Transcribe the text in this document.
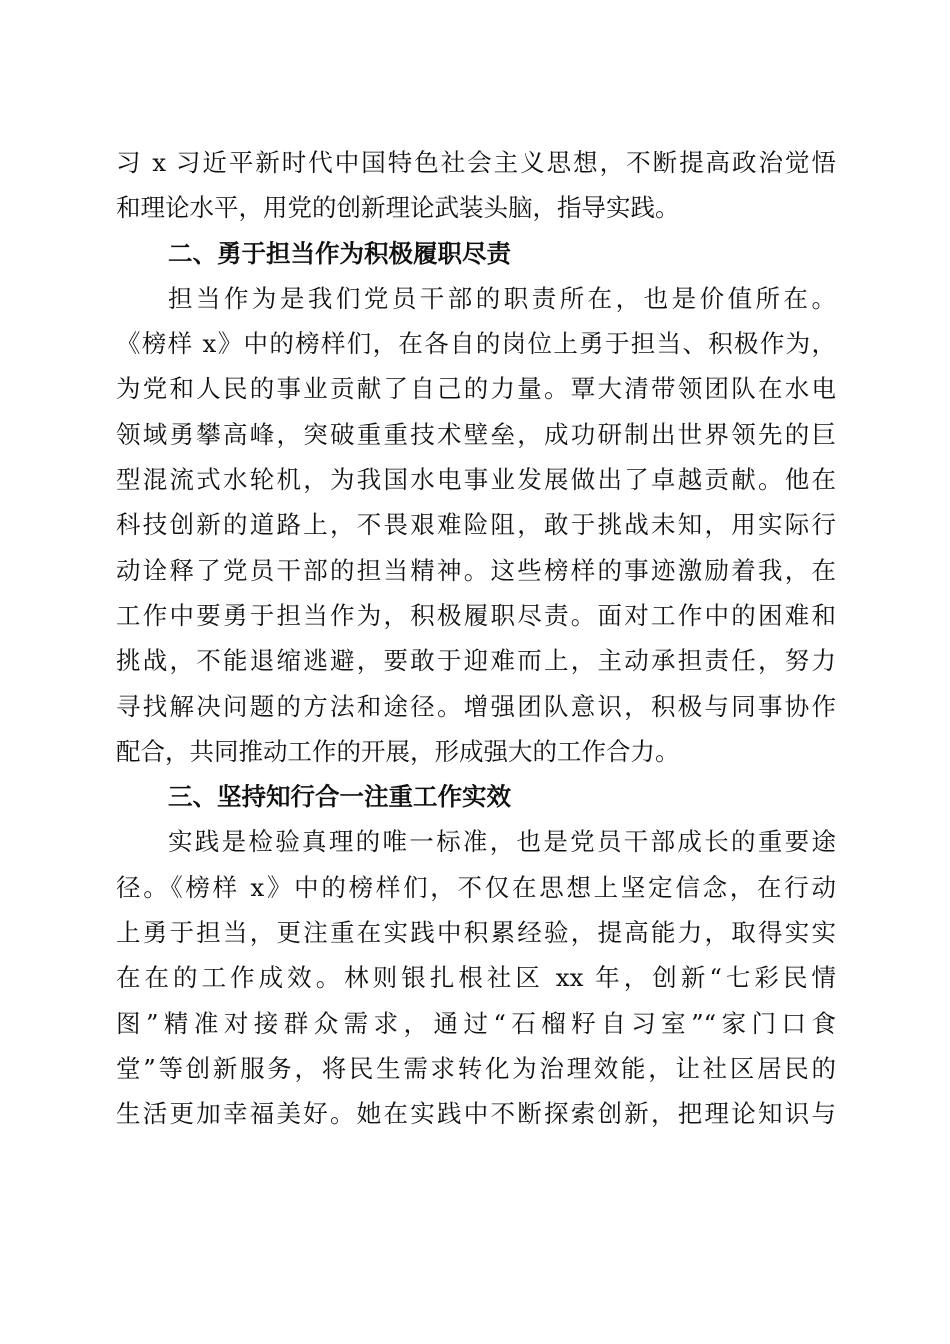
习 x 习近平新时代中国特色社会主义思想，不断提高政治觉悟
和理论水平，用党的创新理论武装头脑，指导实践。
二、勇于担当作为积极履职尽责
担当作为是我们党员干部的职责所在，也是价值所在。
《榜样 x》中的榜样们，在各自的岗位上勇于担当、积极作为，
为党和人民的事业贡献了自己的力量。覃大清带领团队在水电
领域勇攀高峰，突破重重技术壁垒，成功研制出世界领先的巨
型混流式水轮机，为我国水电事业发展做出了卓越贡献。他在
科技创新的道路上，不畏艰难险阻，敢于挑战未知，用实际行
动诠释了党员干部的担当精神。这些榜样的事迹激励着我，在
工作中要勇于担当作为，积极履职尽责。面对工作中的困难和
挑战，不能退缩逃避，要敢于迎难而上，主动承担责任，努力
寻找解决问题的方法和途径。增强团队意识，积极与同事协作
配合，共同推动工作的开展，形成强大的工作合力。
三、坚持知行合一注重工作实效
实践是检验真理的唯一标准，也是党员干部成长的重要途
径。《榜样 x》中的榜样们，不仅在思想上坚定信念，在行动
上勇于担当，更注重在实践中积累经验，提高能力，取得实实
在在的工作成效。林则银扎根社区 xx 年，创新“七彩民情
图”精准对接群众需求，通过“石榴籽自习室”“家门口食
堂”等创新服务，将民生需求转化为治理效能，让社区居民的
生活更加幸福美好。她在实践中不断探索创新，把理论知识与
